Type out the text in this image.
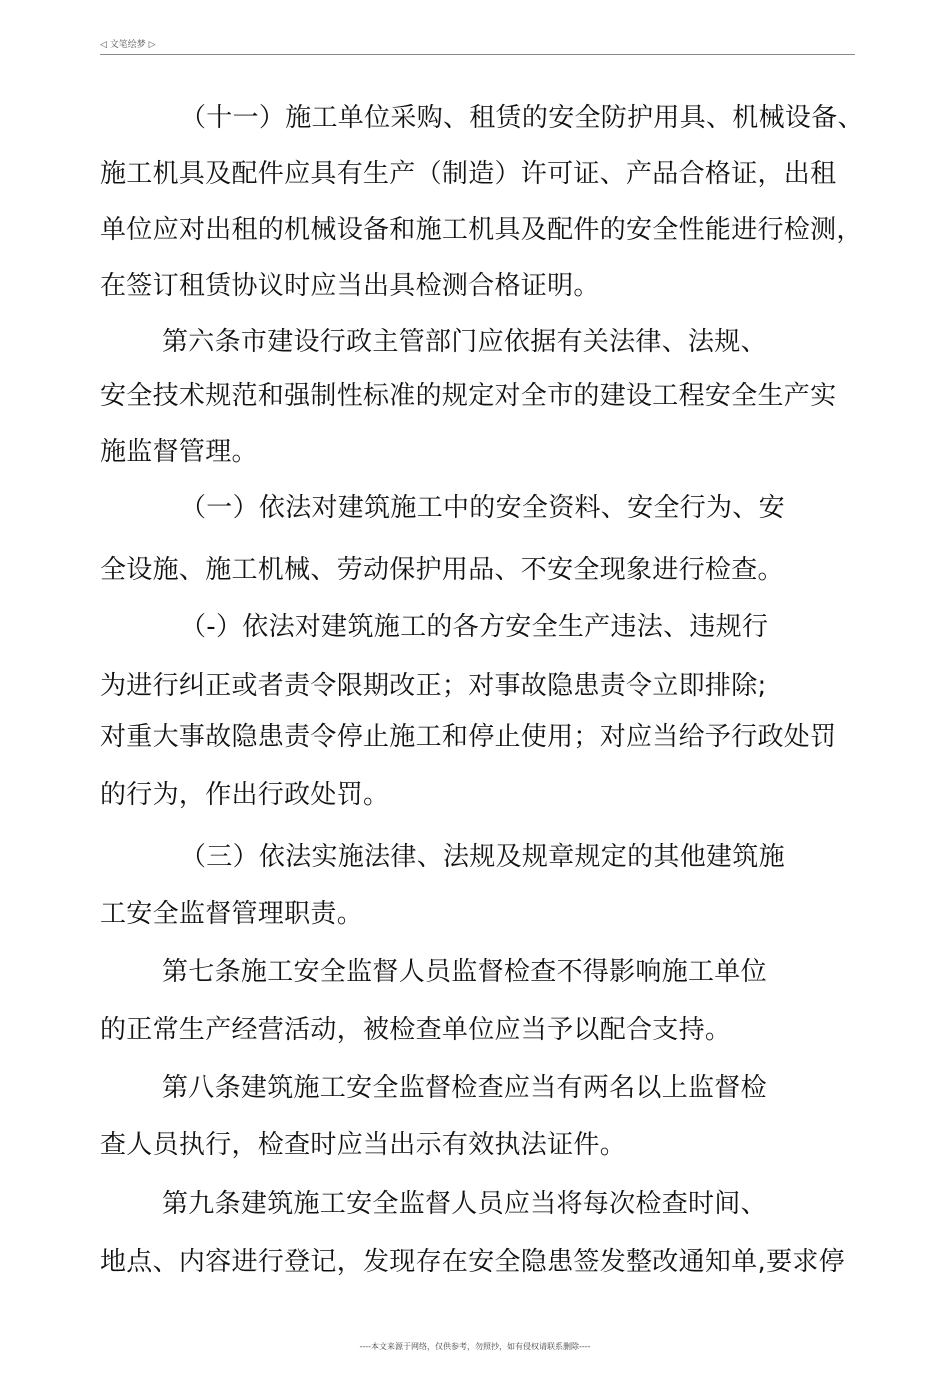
◁ 文笔绘梦 ▷
（十一）施工单位采购、租赁的安全防护用具、机械设备、
施工机具及配件应具有生产（制造）许可证、产品合格证，出租
单位应对出租的机械设备和施工机具及配件的安全性能进行检测，
在签订租赁协议时应当出具检测合格证明。
第六条市建设行政主管部门应依据有关法律、法规、
安全技术规范和强制性标准的规定对全市的建设工程安全生产实
施监督管理。
（一）依法对建筑施工中的安全资料、安全行为、安
全设施、施工机械、劳动保护用品、不安全现象进行检查。
（-）依法对建筑施工的各方安全生产违法、违规行
为进行纠正或者责令限期改正；对事故隐患责令立即排除;
对重大事故隐患责令停止施工和停止使用；对应当给予行政处罚
的行为，作出行政处罚。
（三）依法实施法律、法规及规章规定的其他建筑施
工安全监督管理职责。
第七条施工安全监督人员监督检查不得影响施工单位
的正常生产经营活动，被检查单位应当予以配合支持。
第八条建筑施工安全监督检查应当有两名以上监督检
查人员执行，检查时应当出示有效执法证件。
第九条建筑施工安全监督人员应当将每次检查时间、
地点、内容进行登记，发现存在安全隐患签发整改通知单,要求停
----本文来源于网络，仅供参考，勿照抄，如有侵权请联系删除----
